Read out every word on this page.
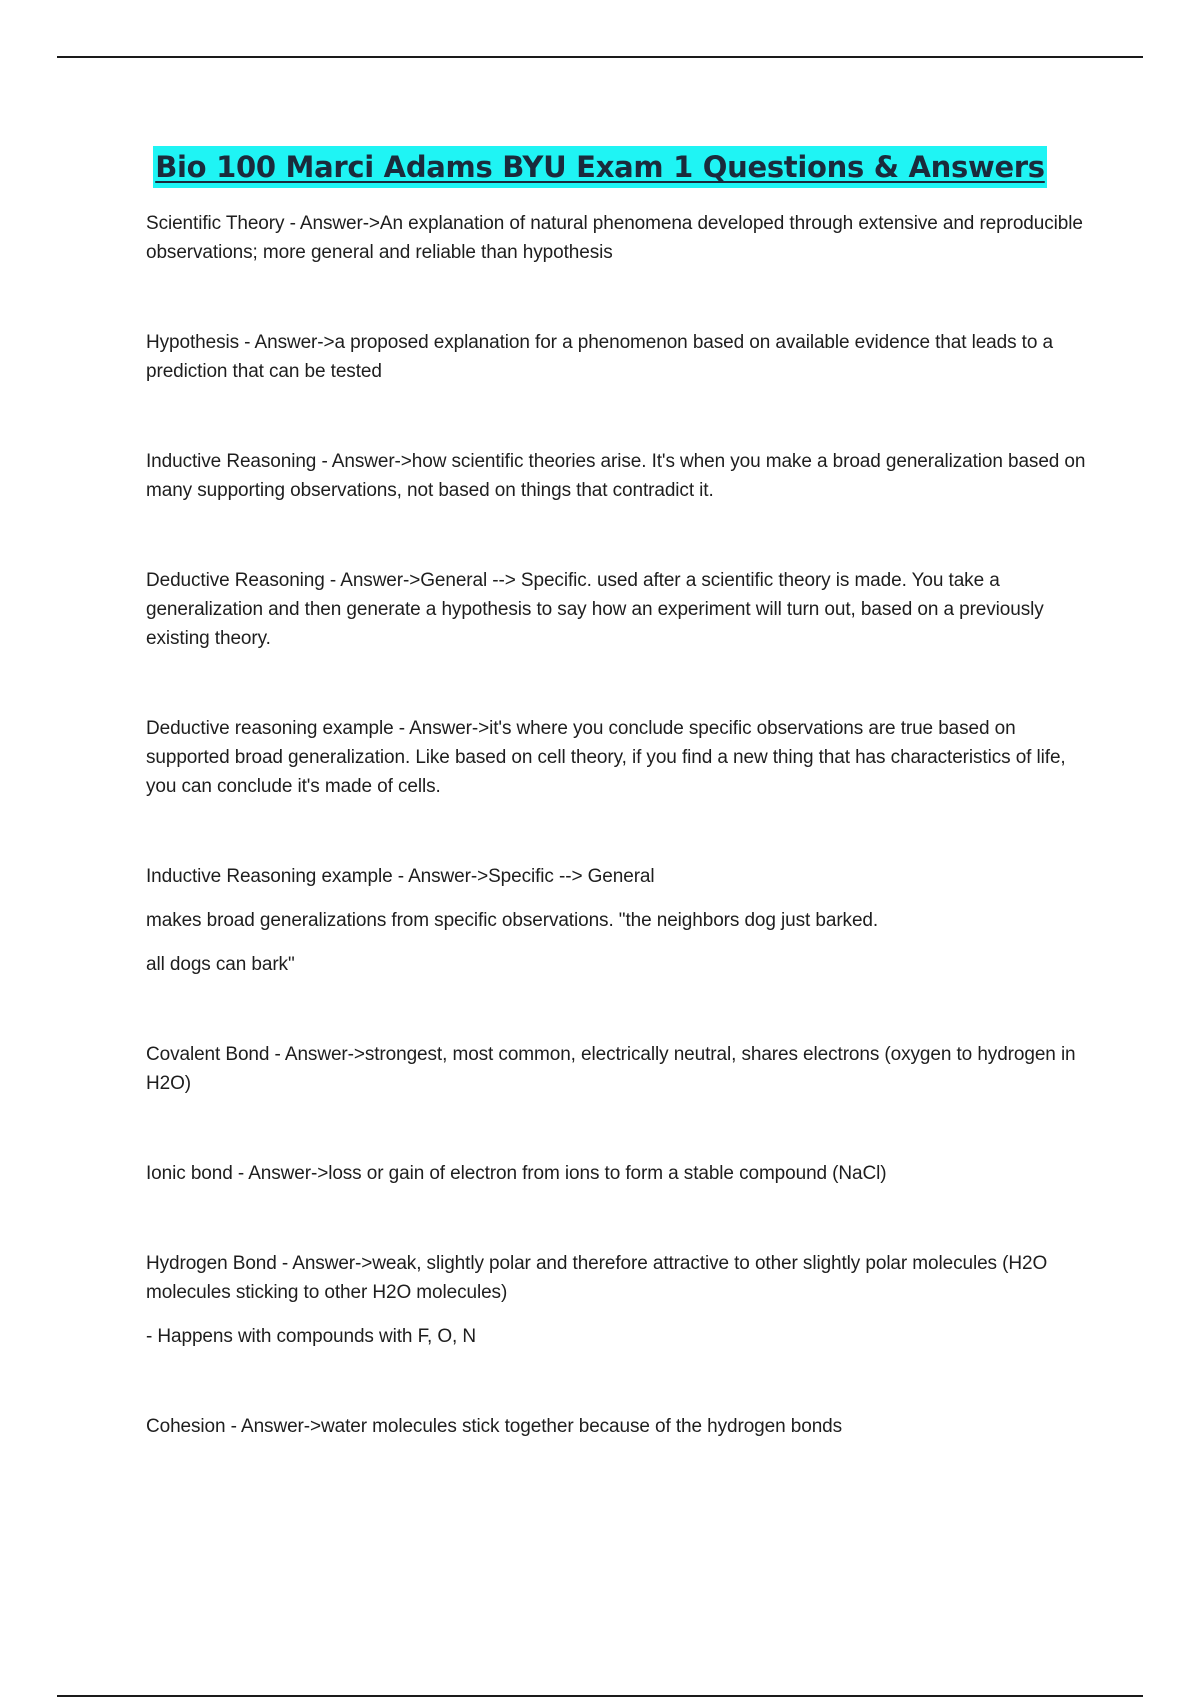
Bio 100 Marci Adams BYU Exam 1 Questions & Answers

Scientific Theory - Answer->An explanation of natural phenomena developed through extensive and reproducible observations; more general and reliable than hypothesis

Hypothesis - Answer->a proposed explanation for a phenomenon based on available evidence that leads to a prediction that can be tested

Inductive Reasoning - Answer->how scientific theories arise. It's when you make a broad generalization based on many supporting observations, not based on things that contradict it.

Deductive Reasoning - Answer->General --> Specific. used after a scientific theory is made. You take a generalization and then generate a hypothesis to say how an experiment will turn out, based on a previously existing theory.

Deductive reasoning example - Answer->it's where you conclude specific observations are true based on supported broad generalization. Like based on cell theory, if you find a new thing that has characteristics of life, you can conclude it's made of cells.

Inductive Reasoning example - Answer->Specific --> General

makes broad generalizations from specific observations. "the neighbors dog just barked.

all dogs can bark"

Covalent Bond - Answer->strongest, most common, electrically neutral, shares electrons (oxygen to hydrogen in H2O)

Ionic bond - Answer->loss or gain of electron from ions to form a stable compound (NaCl)

Hydrogen Bond - Answer->weak, slightly polar and therefore attractive to other slightly polar molecules (H2O molecules sticking to other H2O molecules)

- Happens with compounds with F, O, N

Cohesion - Answer->water molecules stick together because of the hydrogen bonds
